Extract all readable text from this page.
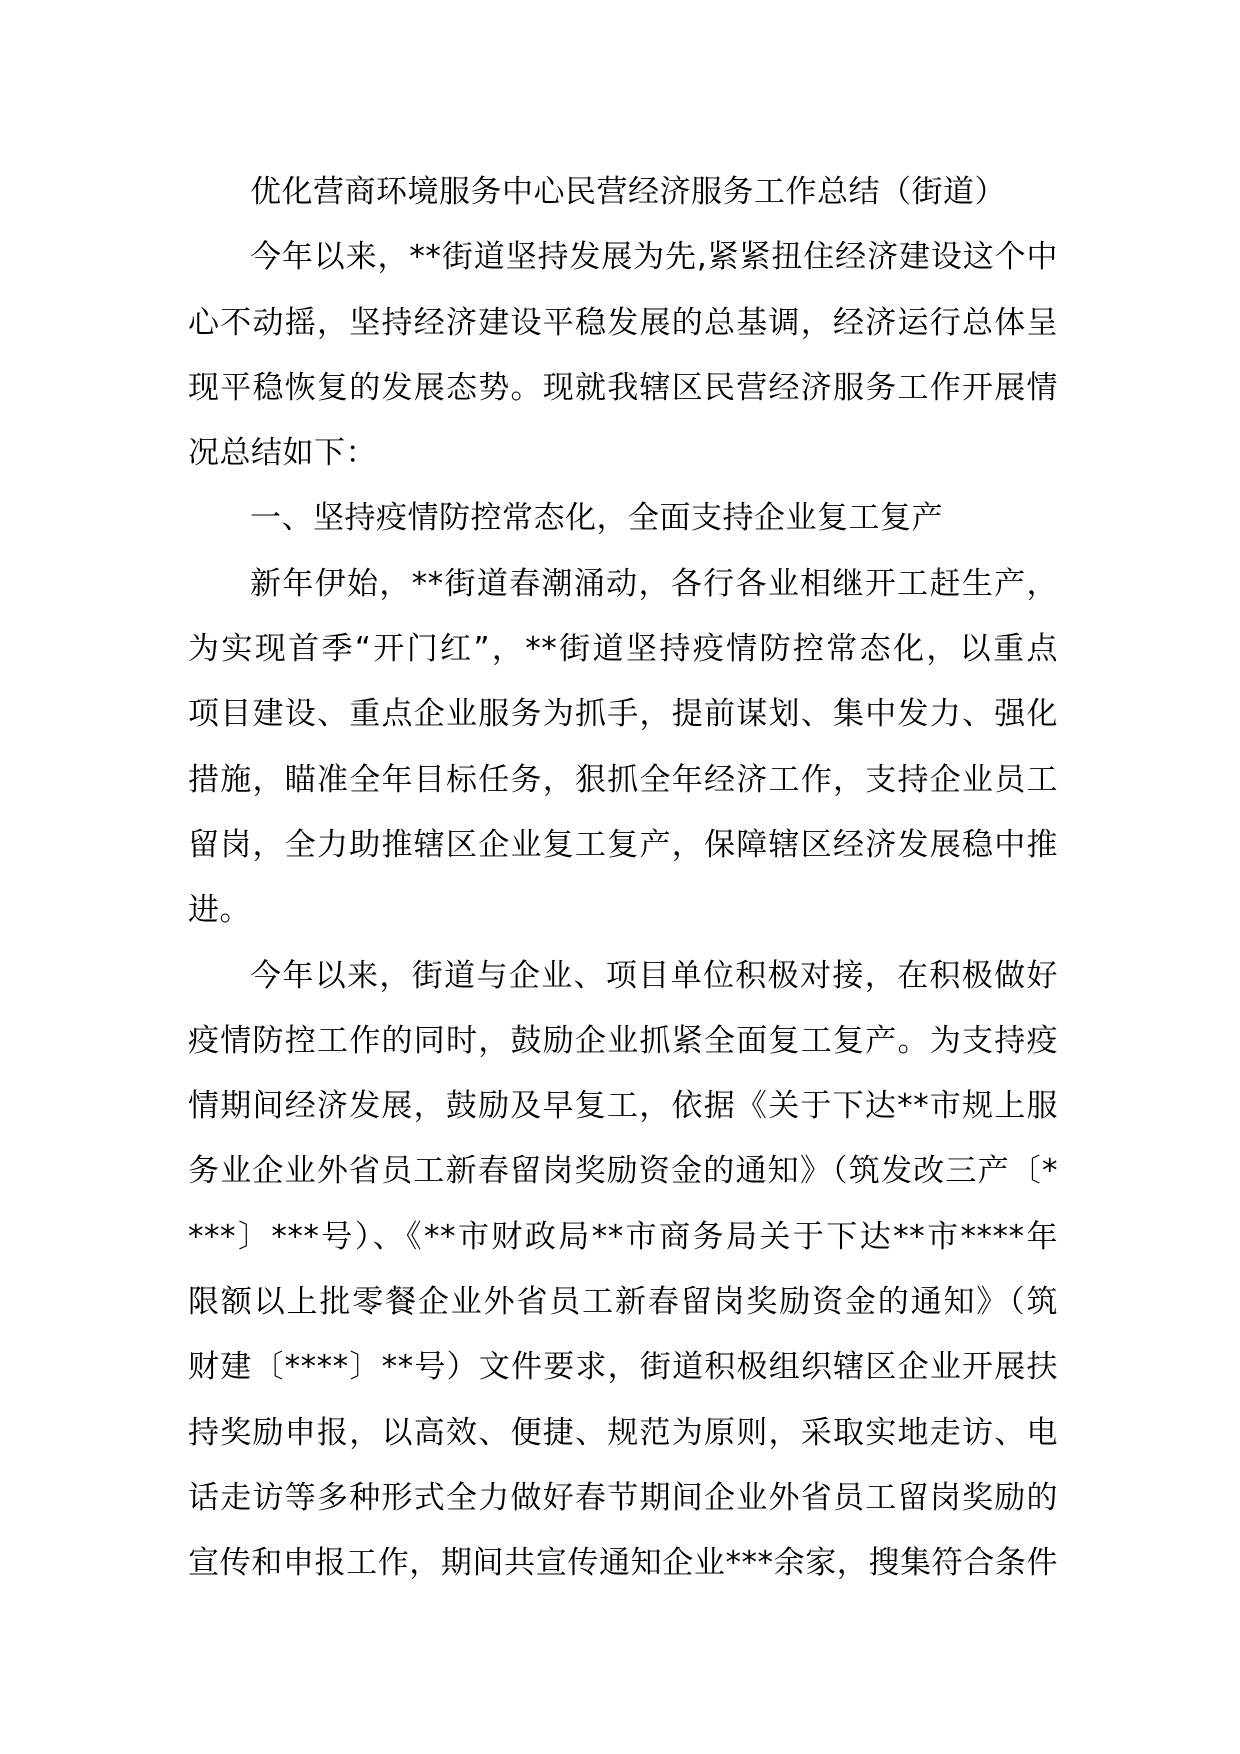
优化营商环境服务中心民营经济服务工作总结（街道）
今年以来，**街道坚持发展为先,紧紧扭住经济建设这个中
心不动摇，坚持经济建设平稳发展的总基调，经济运行总体呈
现平稳恢复的发展态势。现就我辖区民营经济服务工作开展情
况总结如下：
一、坚持疫情防控常态化，全面支持企业复工复产
新年伊始，**街道春潮涌动，各行各业相继开工赶生产，
为实现首季“开门红”，**街道坚持疫情防控常态化，以重点
项目建设、重点企业服务为抓手，提前谋划、集中发力、强化
措施，瞄准全年目标任务，狠抓全年经济工作，支持企业员工
留岗，全力助推辖区企业复工复产，保障辖区经济发展稳中推
进。
今年以来，街道与企业、项目单位积极对接，在积极做好
疫情防控工作的同时，鼓励企业抓紧全面复工复产。为支持疫
情期间经济发展，鼓励及早复工，依据《关于下达**市规上服
务业企业外省员工新春留岗奖励资金的通知》（筑发改三产〔*
***〕***号）、《**市财政局**市商务局关于下达**市****年
限额以上批零餐企业外省员工新春留岗奖励资金的通知》（筑
财建〔****〕**号）文件要求，街道积极组织辖区企业开展扶
持奖励申报，以高效、便捷、规范为原则，采取实地走访、电
话走访等多种形式全力做好春节期间企业外省员工留岗奖励的
宣传和申报工作，期间共宣传通知企业***余家，搜集符合条件
